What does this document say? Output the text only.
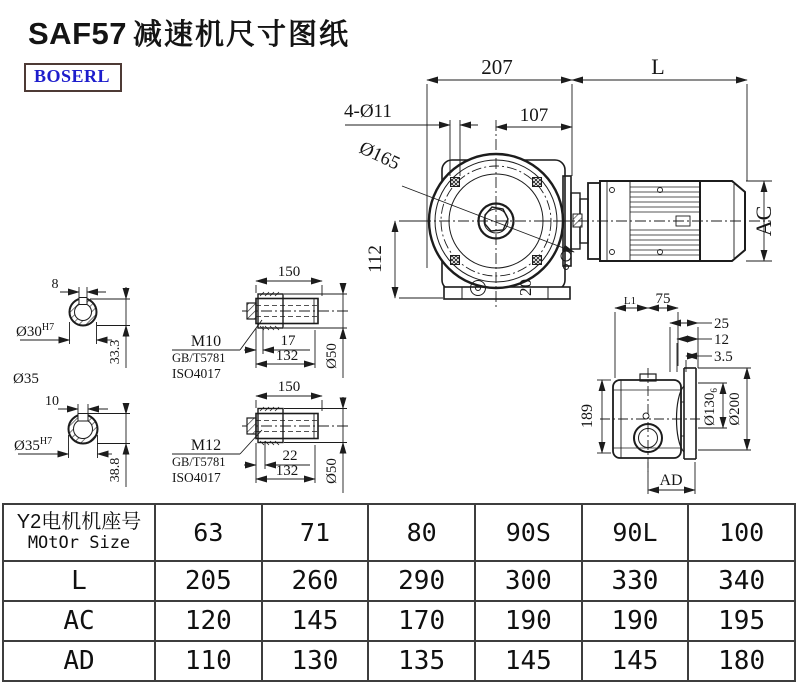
SAF57 减速机尺寸图纸
BOSERL	207	L
107
4-Ø11
Ø165
112
AC
20
8
$Ø30^{H7}$
33.3
Ø35
10
$Ø35^{H7}$
38.8
150
17
132 Ø50
M10
GB/T5781
ISO4017
150
22
132 Ø50
M12
GB/T5781
ISO4017
L1 75
25
12
3.5
189	$Ø130_6$
Ø200
AD
Y2电机机座号
MOtOr Size	63	71	80	90S	90L	100
L	205	260	290	300	330	340
AC	120	145	170	190	190	195
AD	110	130	135	145	145	180
